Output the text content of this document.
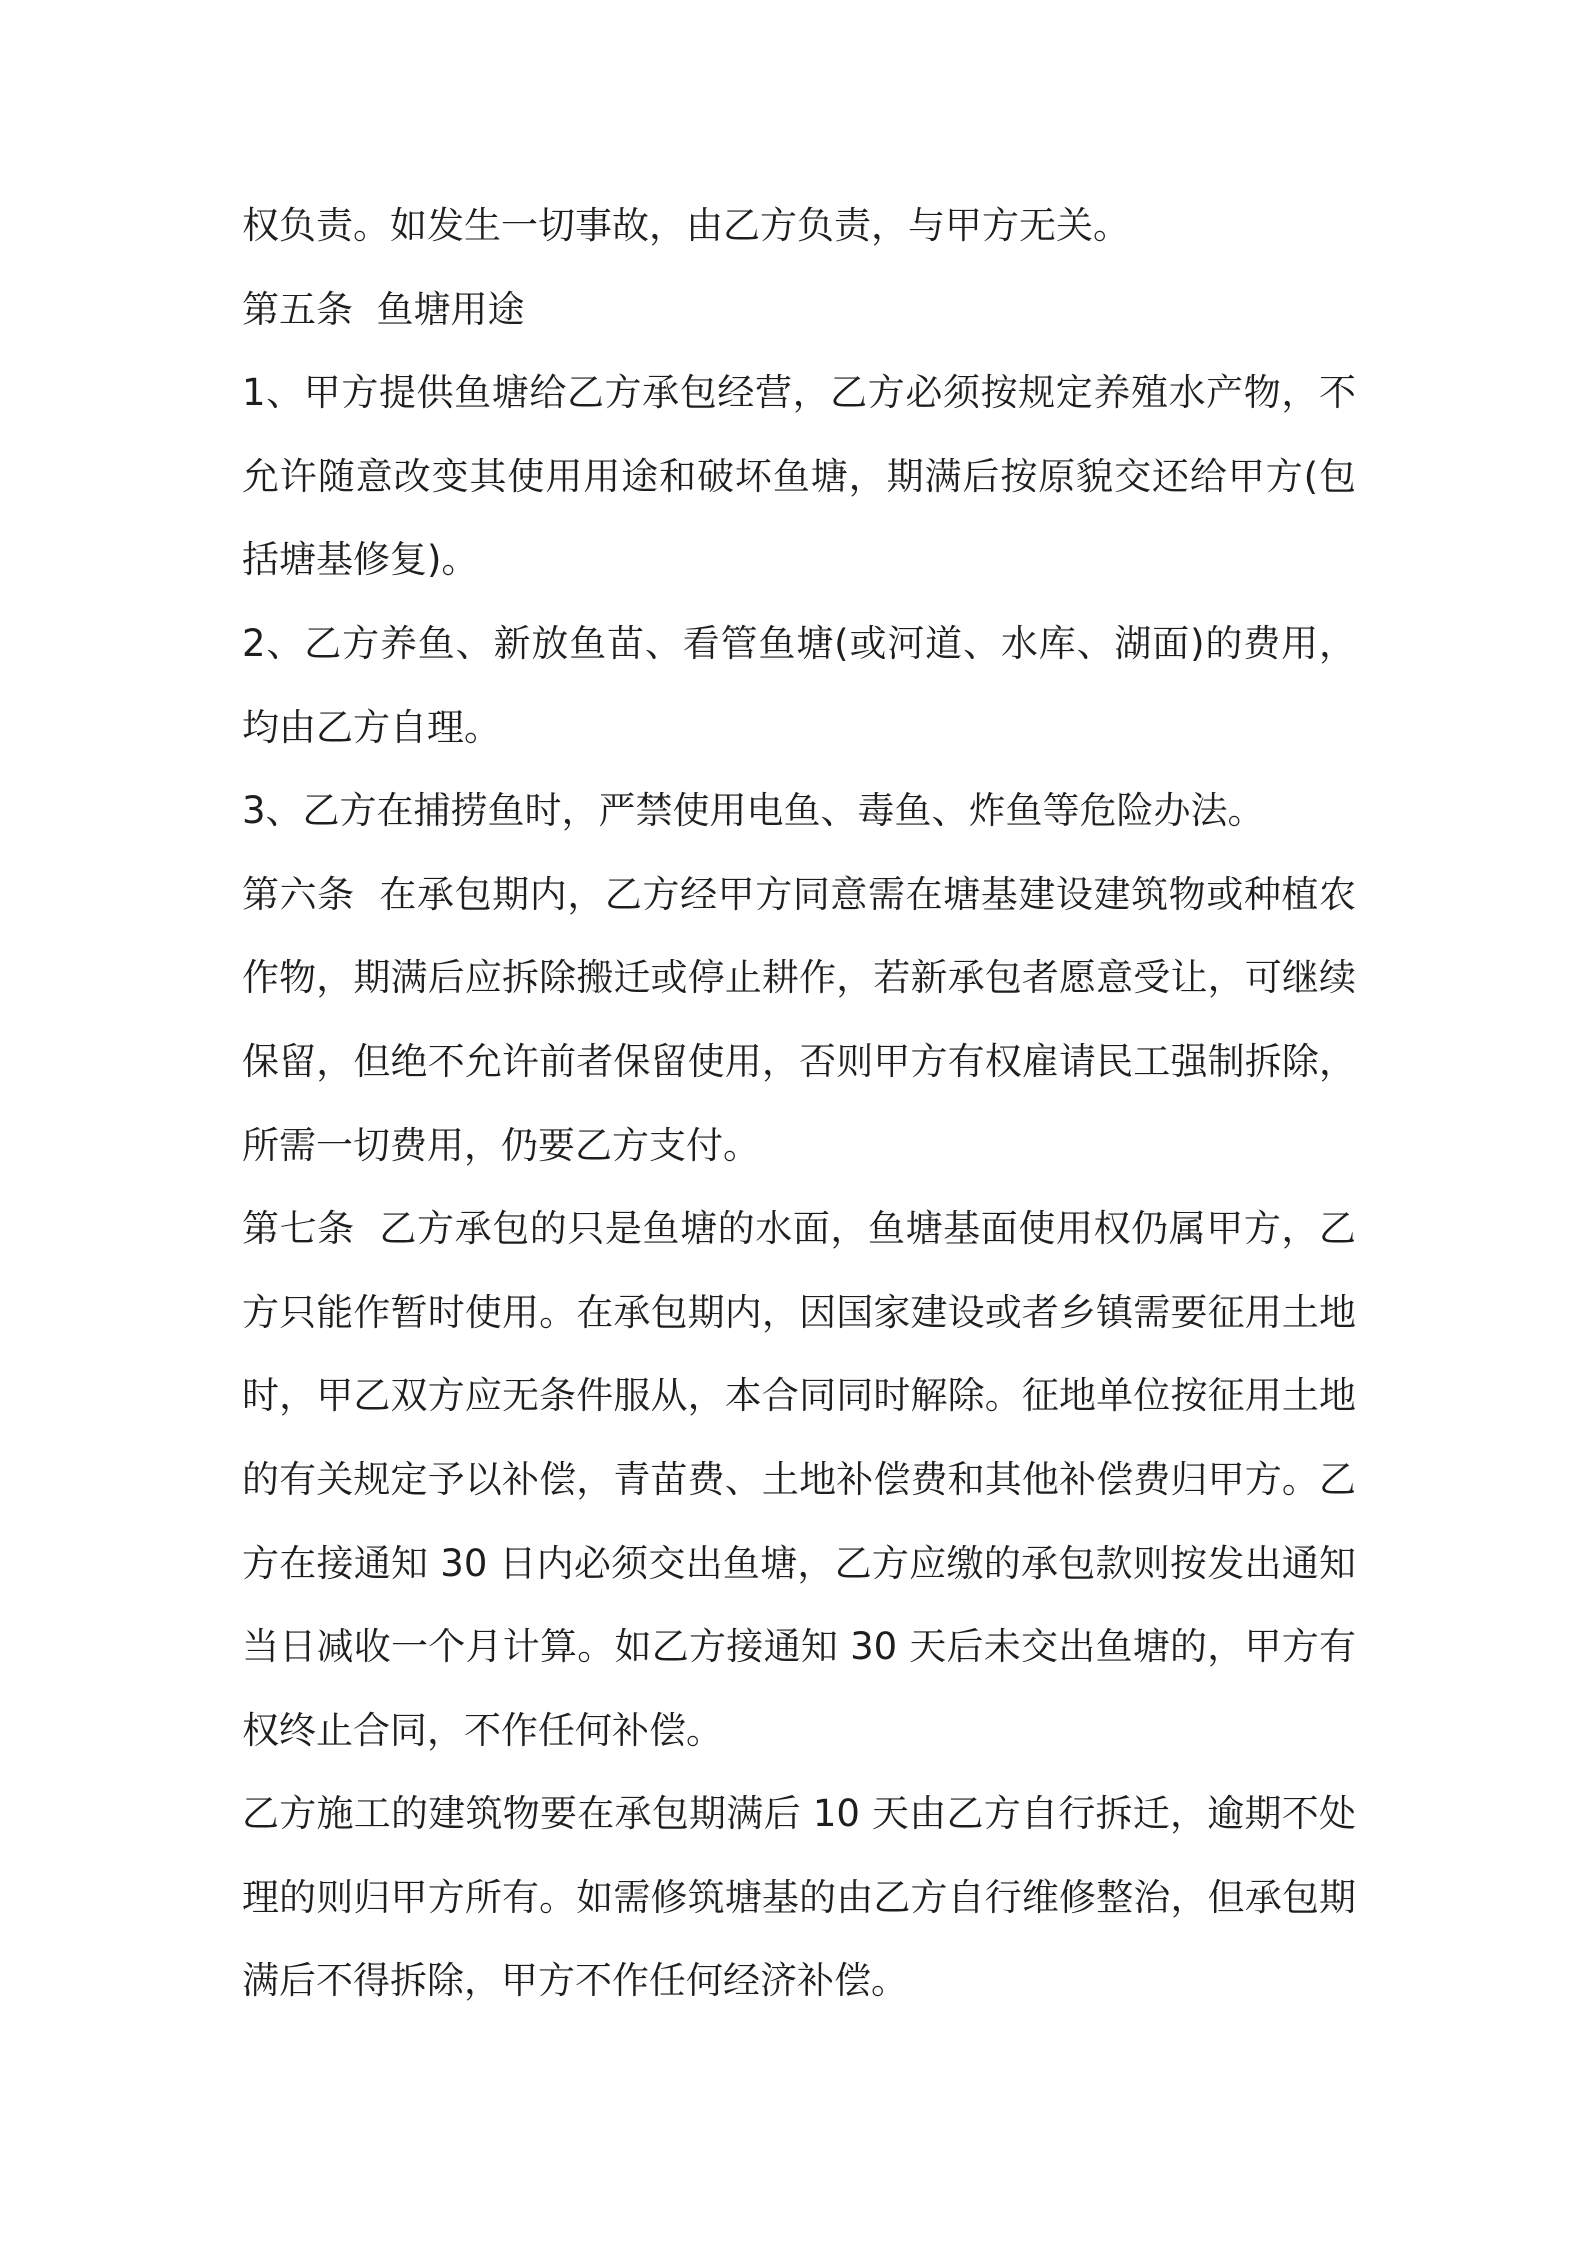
权负责。如发生一切事故，由乙方负责，与甲方无关。
第五条  鱼塘用途
1、甲方提供鱼塘给乙方承包经营，乙方必须按规定养殖水产物，不
允许随意改变其使用用途和破坏鱼塘，期满后按原貌交还给甲方(包
括塘基修复)。
2、乙方养鱼、新放鱼苗、看管鱼塘(或河道、水库、湖面)的费用，
均由乙方自理。
3、乙方在捕捞鱼时，严禁使用电鱼、毒鱼、炸鱼等危险办法。
第六条  在承包期内，乙方经甲方同意需在塘基建设建筑物或种植农
作物，期满后应拆除搬迁或停止耕作，若新承包者愿意受让，可继续
保留，但绝不允许前者保留使用，否则甲方有权雇请民工强制拆除，
所需一切费用，仍要乙方支付。
第七条  乙方承包的只是鱼塘的水面，鱼塘基面使用权仍属甲方，乙
方只能作暂时使用。在承包期内，因国家建设或者乡镇需要征用土地
时，甲乙双方应无条件服从，本合同同时解除。征地单位按征用土地
的有关规定予以补偿，青苗费、土地补偿费和其他补偿费归甲方。乙
方在接通知 30 日内必须交出鱼塘，乙方应缴的承包款则按发出通知
当日减收一个月计算。如乙方接通知 30 天后未交出鱼塘的，甲方有
权终止合同，不作任何补偿。
乙方施工的建筑物要在承包期满后 10 天由乙方自行拆迁，逾期不处
理的则归甲方所有。如需修筑塘基的由乙方自行维修整治，但承包期
满后不得拆除，甲方不作任何经济补偿。
